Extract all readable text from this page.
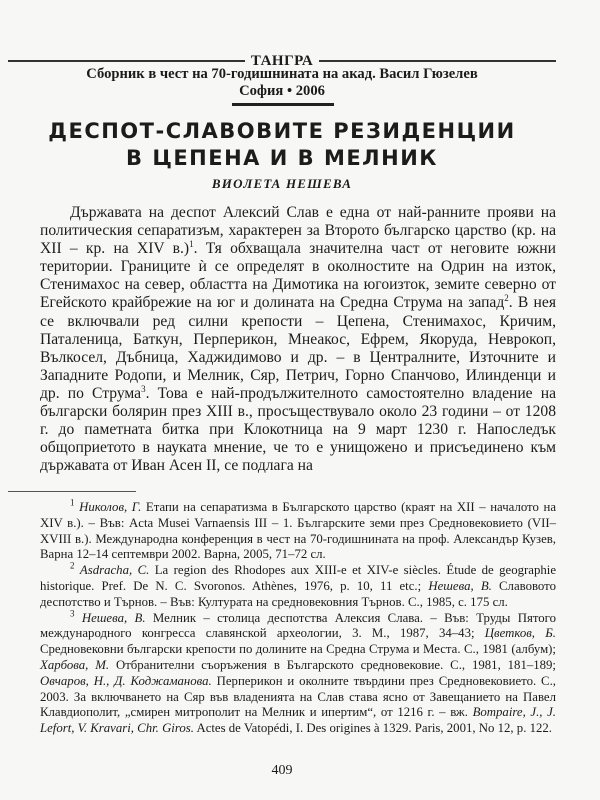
ТАНГРА
Сборник в чест на 70-годишнината на акад. Васил Гюзелев
София • 2006
ДЕСПОТ-СЛАВОВИТЕ РЕЗИДЕНЦИИ
В ЦЕПЕНА И В МЕЛНИК
ВИОЛЕТА НЕШЕВА

Държавата на деспот Алексий Слав е една от най-ранните прояви на политическия сепаратизъм, характерен за Второто българско царство (кр. на XII – кр. на XIV в.)$^1$. Тя обхващала значителна част от неговите южни територии. Границите ѝ се определят в околностите на Одрин на изток, Стенимахос на север, областта на Димотика на югоизток, земите северно от Егейското крайбрежие на юг и долината на Средна Струма на запад$^2$. В нея се включвали ред силни крепости – Цепена, Стенимахос, Кричим, Паталеница, Баткун, Перперикон, Мнеакос, Ефрем, Якоруда, Неврокоп, Вълкосел, Дъбница, Хаджидимово и др. – в Централните, Източните и Западните Родопи, и Мелник, Сяр, Петрич, Горно Спанчово, Илинденци и др. по Струма$^3$. Това е най-продължителното самостоятелно владение на български болярин през XIII в., просъществувало около 23 години – от 1208 г. до паметната битка при Клокотница на 9 март 1230 г. Напоследък общоприетото в науката мнение, че то е унищожено и присъединено към държавата от Иван Асен II, се подлага на

$^1$ Николов, Г. Етапи на сепаратизма в Българското царство (краят на XII – началото на XIV в.). – Във: Acta Musei Varnaensis III – 1. Българските земи през Средновековието (VII–XVIII в.). Международна конференция в чест на 70-годишнината на проф. Александър Кузев, Варна 12–14 септември 2002. Варна, 2005, 71–72 сл.

$^2$ Asdracha, C. La region des Rhodopes aux XIII-e et XIV-e siècles. Étude de geographie historique. Pref. De N. C. Svoronos. Athènes, 1976, p. 10, 11 etc.; Нешева, В. Славовото деспотство и Търнов. – Във: Културата на средновековния Търнов. С., 1985, с. 175 сл.

$^3$ Нешева, В. Мелник – столица деспотства Алексия Слава. – Във: Труды Пятого международного конгресса славянской археологии, 3. М., 1987, 34–43; Цветков, Б. Средновековни български крепости по долините на Средна Струма и Места. С., 1981 (албум); Харбова, М. Отбранителни съоръжения в Българското средновековие. С., 1981, 181–189; Овчаров, Н., Д. Коджаманова. Перперикон и околните твърдини през Средновековието. С., 2003. За включването на Сяр във владенията на Слав става ясно от Завещанието на Павел Клавдиополит, „смирен митрополит на Мелник и ипертим“, от 1216 г. – вж. Bompaire, J., J. Lefort, V. Kravari, Chr. Giros. Actes de Vatopédi, I. Des origines à 1329. Paris, 2001, No 12, p. 122.

409
